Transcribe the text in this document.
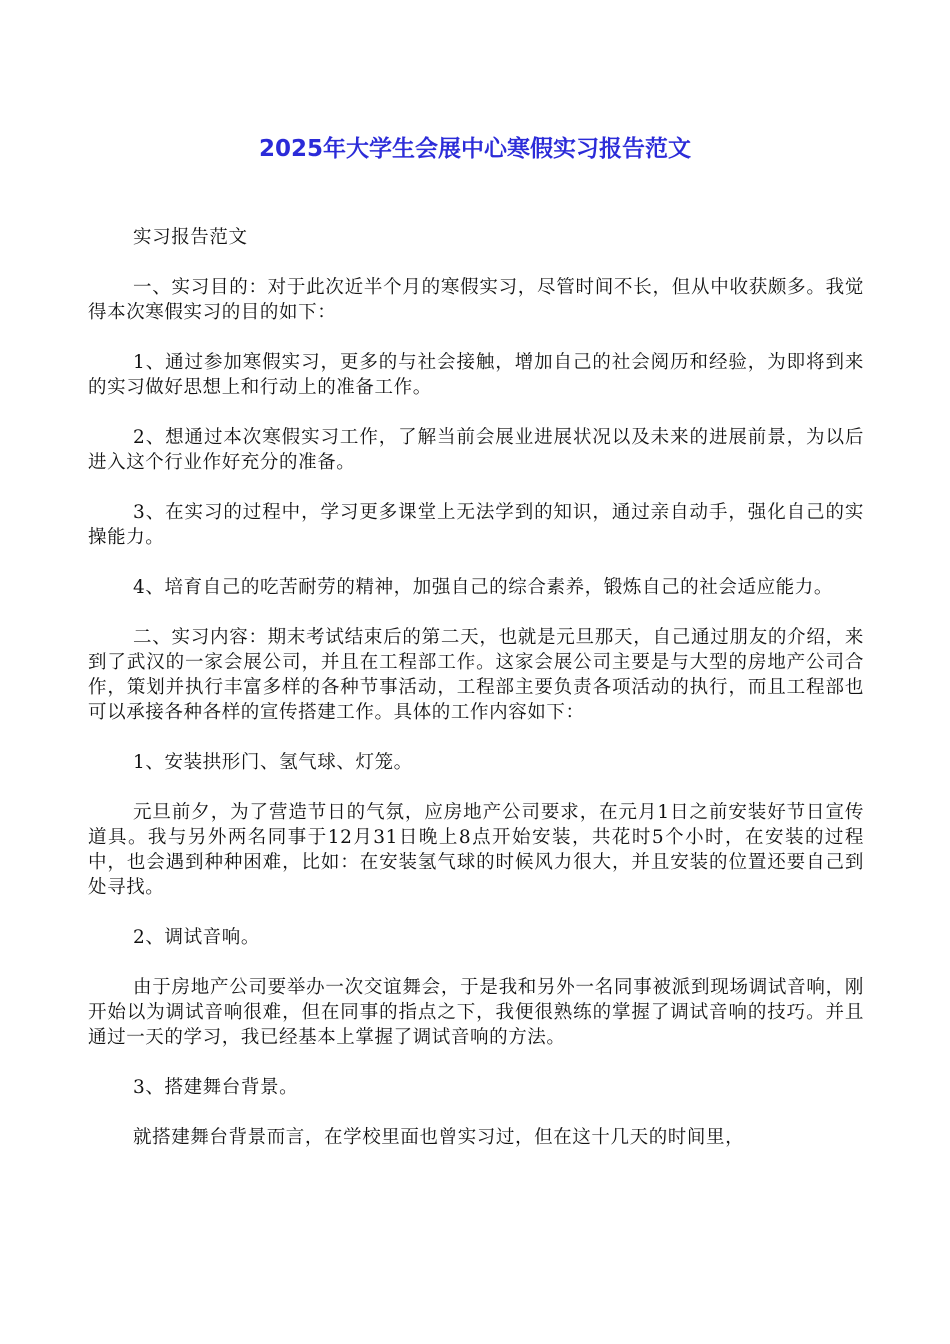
2025年大学生会展中心寒假实习报告范文

实习报告范文

一、实习目的：对于此次近半个月的寒假实习，尽管时间不长，但从中收获颇多。我觉得本次寒假实习的目的如下：

1、通过参加寒假实习，更多的与社会接触，增加自己的社会阅历和经验，为即将到来的实习做好思想上和行动上的准备工作。

2、想通过本次寒假实习工作，了解当前会展业进展状况以及未来的进展前景，为以后进入这个行业作好充分的准备。

3、在实习的过程中，学习更多课堂上无法学到的知识，通过亲自动手，强化自己的实操能力。

4、培育自己的吃苦耐劳的精神，加强自己的综合素养，锻炼自己的社会适应能力。

二、实习内容：期末考试结束后的第二天，也就是元旦那天，自己通过朋友的介绍，来到了武汉的一家会展公司，并且在工程部工作。这家会展公司主要是与大型的房地产公司合作，策划并执行丰富多样的各种节事活动，工程部主要负责各项活动的执行，而且工程部也可以承接各种各样的宣传搭建工作。具体的工作内容如下：

1、安装拱形门、氢气球、灯笼。

元旦前夕，为了营造节日的气氛，应房地产公司要求，在元月1日之前安装好节日宣传道具。我与另外两名同事于12月31日晚上8点开始安装，共花时5个小时，在安装的过程中，也会遇到种种困难，比如：在安装氢气球的时候风力很大，并且安装的位置还要自己到处寻找。

2、调试音响。

由于房地产公司要举办一次交谊舞会，于是我和另外一名同事被派到现场调试音响，刚开始以为调试音响很难，但在同事的指点之下，我便很熟练的掌握了调试音响的技巧。并且通过一天的学习，我已经基本上掌握了调试音响的方法。

3、搭建舞台背景。

就搭建舞台背景而言，在学校里面也曾实习过，但在这十几天的时间里，
